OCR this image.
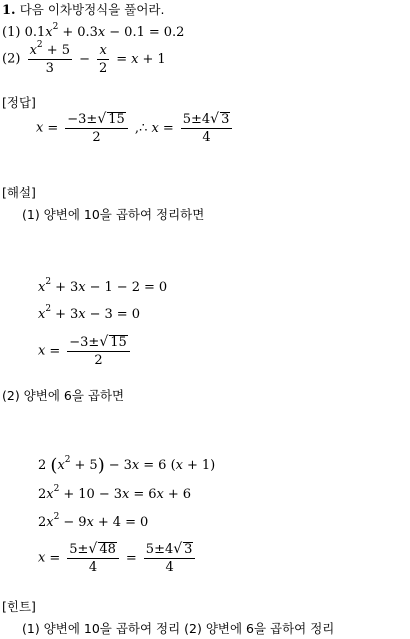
1. 다음 이차방정식을 풀어라.
(1) $0.1x^2 + 0.3x - 0.1 = 0.2$
$(2) \frac{x^2 + 5}{3} - \frac{x}{2} = x + 1$
[정답]
$x = \frac{-3\pm√ 15}{2}$ ,∴ $x = \frac{5\pm 4√ 3}{4}$
[해설]
(1) 양변에 10을 곱하여 정리하면
$x^2 + 3x - 1 - 2 = 0$
$x^2 + 3x - 3 = 0$
$x = \frac{-3\pm√ 15}{2}$
(2) 양변에 6을 곱하면
2 $(x^2 + 5) - 3x = 6$ (x + 1)
$2x^2 + 10 - 3x = 6x + 6$
$2x^2 - 9x + 4 = 0$
$x = \frac{5\pm√ 48}{4} = \frac{5\pm 4√ 3}{4}$
[힌트]
(1) 양변에 10을 곱하여 정리 (2) 양변에 6을 곱하여 정리
